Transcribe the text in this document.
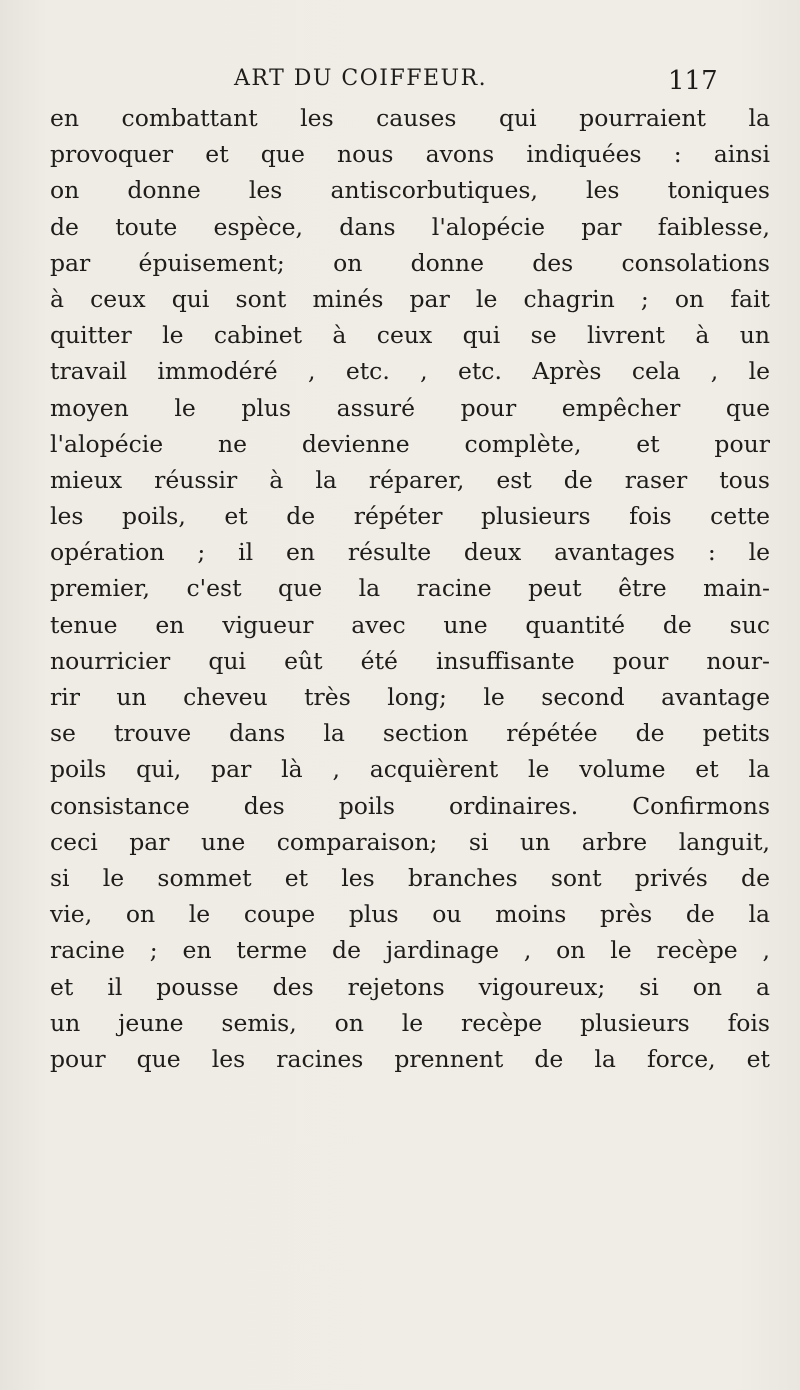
ART DU COIFFEUR.	117
en combattant les causes qui pourraient la
provoquer et que nous avons indiquées : ainsi
on donne les antiscorbutiques, les toniques
de toute espèce, dans l'alopécie par faiblesse,
par épuisement; on donne des consolations
à ceux qui sont minés par le chagrin ; on fait
quitter le cabinet à ceux qui se livrent à un
travail immodéré , etc. , etc. Après cela , le
moyen le plus assuré pour empêcher que
l'alopécie ne devienne complète, et pour
mieux réussir à la réparer, est de raser tous
les poils, et de répéter plusieurs fois cette
opération ; il en résulte deux avantages : le
premier, c'est que la racine peut être main-
tenue en vigueur avec une quantité de suc
nourricier qui eût été insuffisante pour nour-
rir un cheveu très long; le second avantage
se trouve dans la section répétée de petits
poils qui, par là , acquièrent le volume et la
consistance des poils ordinaires. Confirmons
ceci par une comparaison; si un arbre languit,
si le sommet et les branches sont privés de
vie, on le coupe plus ou moins près de la
racine ; en terme de jardinage , on le recèpe ,
et il pousse des rejetons vigoureux; si on a
un jeune semis, on le recèpe plusieurs fois
pour que les racines prennent de la force, et
